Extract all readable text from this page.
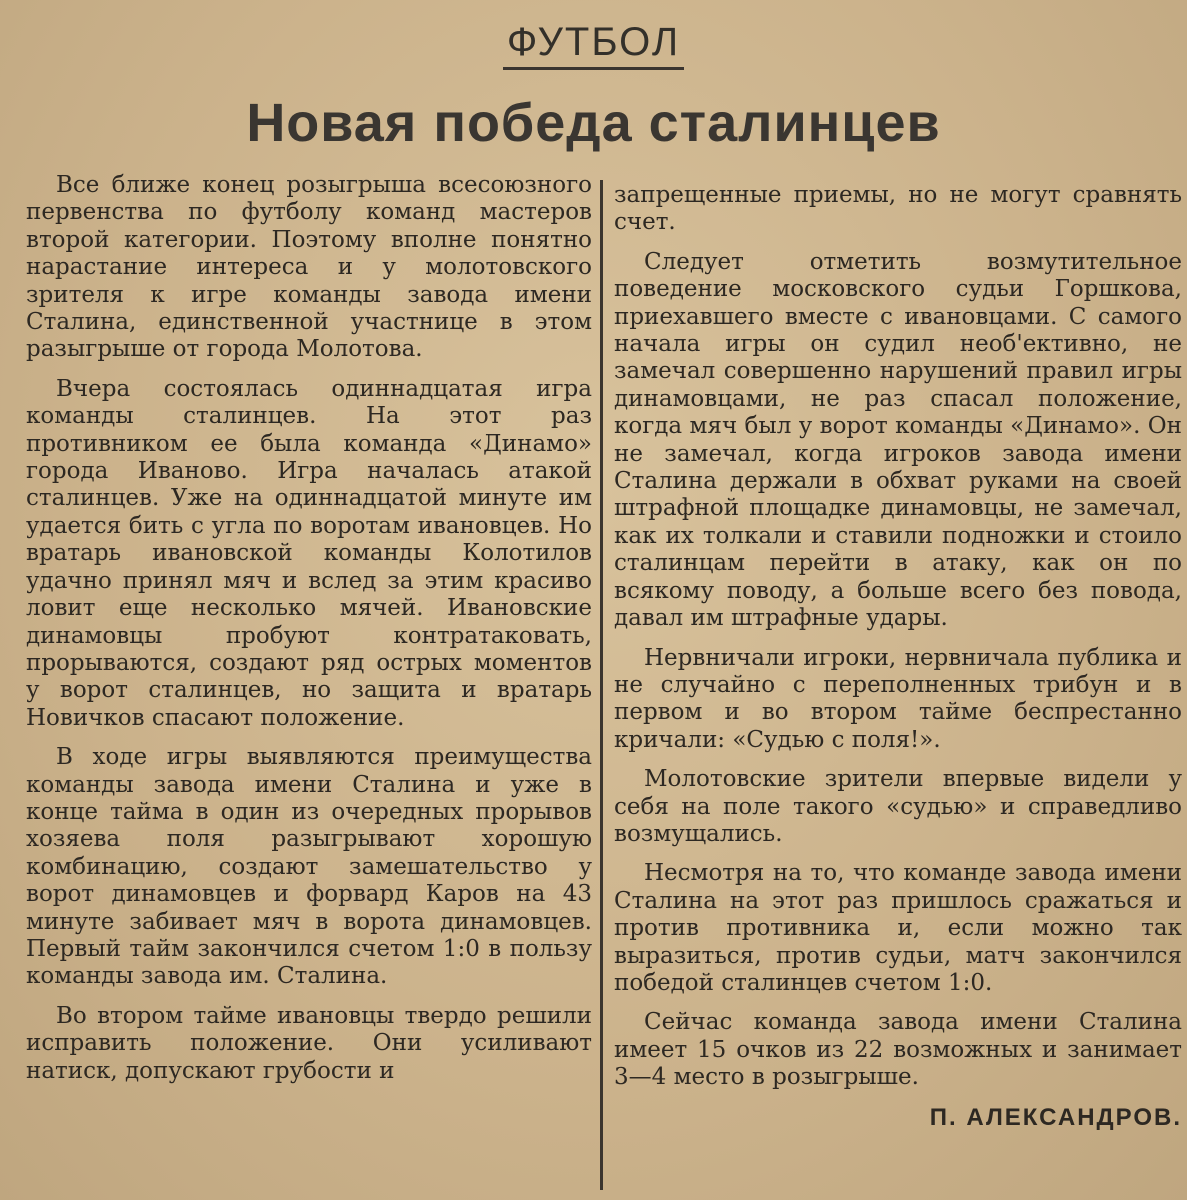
ФУТБОЛ
Новая победа сталинцев

Все ближе конец розыгрыша всесоюзного первенства по футболу команд мастеров второй категории. Поэтому вполне понятно нарастание интереса и у молотовского зрителя к игре команды завода имени Сталина, единственной участнице в этом разыгрыше от города Молотова.

Вчера состоялась одиннадцатая игра команды сталинцев. На этот раз противником ее была команда «Динамо» города Иваново. Игра началась атакой сталинцев. Уже на одиннадцатой минуте им удается бить с угла по воротам ивановцев. Но вратарь ивановской команды Колотилов удачно принял мяч и вслед за этим красиво ловит еще несколько мячей. Ивановские динамовцы пробуют контратаковать, прорываются, создают ряд острых моментов у ворот сталинцев, но защита и вратарь Новичков спасают положение.

В ходе игры выявляются преимущества команды завода имени Сталина и уже в конце тайма в один из очередных прорывов хозяева поля разыгрывают хорошую комбинацию, создают замешательство у ворот динамовцев и форвард Каров на 43 минуте забивает мяч в ворота динамовцев. Первый тайм закончился счетом 1:0 в пользу команды завода им. Сталина.

Во втором тайме ивановцы твердо решили исправить положение. Они усиливают натиск, допускают грубости и

запрещенные приемы, но не могут сравнять счет.

Следует отметить возмутительное поведение московского судьи Горшкова, приехавшего вместе с ивановцами. С самого начала игры он судил необ'ективно, не замечал совершенно нарушений правил игры динамовцами, не раз спасал положение, когда мяч был у ворот команды «Динамо». Он не замечал, когда игроков завода имени Сталина держали в обхват руками на своей штрафной площадке динамовцы, не замечал, как их толкали и ставили подножки и стоило сталинцам перейти в атаку, как он по всякому поводу, а больше всего без повода, давал им штрафные удары.

Нервничали игроки, нервничала публика и не случайно с переполненных трибун и в первом и во втором тайме беспрестанно кричали: «Судью с поля!».

Молотовские зрители впервые видели у себя на поле такого «судью» и справедливо возмущались.

Несмотря на то, что команде завода имени Сталина на этот раз пришлось сражаться и против противника и, если можно так выразиться, против судьи, матч закончился победой сталинцев счетом 1:0.

Сейчас команда завода имени Сталина имеет 15 очков из 22 возможных и занимает 3—4 место в розыгрыше.

П. АЛЕКСАНДРОВ.
